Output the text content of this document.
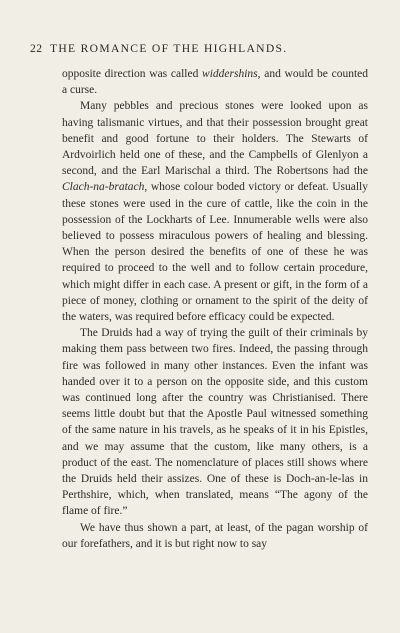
22 THE ROMANCE OF THE HIGHLANDS.

opposite direction was called widdershins, and would be counted a curse.

Many pebbles and precious stones were looked upon as having talismanic virtues, and that their possession brought great benefit and good fortune to their holders. The Stewarts of Ardvoirlich held one of these, and the Campbells of Glenlyon a second, and the Earl Marischal a third. The Robertsons had the Clach-na-bratach, whose colour boded victory or defeat. Usually these stones were used in the cure of cattle, like the coin in the possession of the Lockharts of Lee. Innumerable wells were also believed to possess miraculous powers of healing and blessing. When the person desired the benefits of one of these he was required to proceed to the well and to follow certain procedure, which might differ in each case. A present or gift, in the form of a piece of money, clothing or ornament to the spirit of the deity of the waters, was required before efficacy could be expected.

The Druids had a way of trying the guilt of their criminals by making them pass between two fires. Indeed, the passing through fire was followed in many other instances. Even the infant was handed over it to a person on the opposite side, and this custom was continued long after the country was Christianised. There seems little doubt but that the Apostle Paul witnessed something of the same nature in his travels, as he speaks of it in his Epistles, and we may assume that the custom, like many others, is a product of the east. The nomenclature of places still shows where the Druids held their assizes. One of these is Doch-an-le-las in Perthshire, which, when translated, means “The agony of the flame of fire.”

We have thus shown a part, at least, of the pagan worship of our forefathers, and it is but right now to say
